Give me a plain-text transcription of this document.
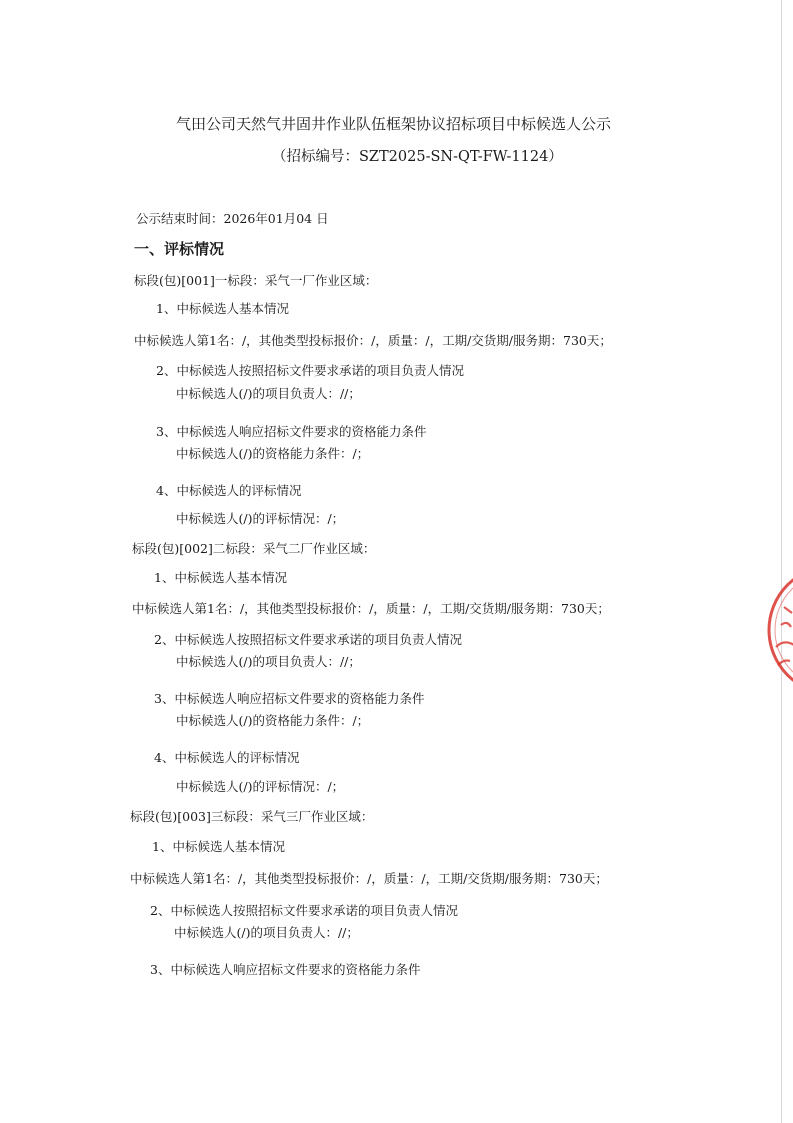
气田公司天然气井固井作业队伍框架协议招标项目中标候选人公示
（招标编号：SZT2025-SN-QT-FW-1124）
公示结束时间：2026年01月04 日
一、评标情况
标段(包)[001]一标段：采气一厂作业区域：
1、中标候选人基本情况
中标候选人第1名：/，其他类型投标报价：/，质量：/，工期/交货期/服务期：730天；
2、中标候选人按照招标文件要求承诺的项目负责人情况
中标候选人(/)的项目负责人：//；
3、中标候选人响应招标文件要求的资格能力条件
中标候选人(/)的资格能力条件：/；
4、中标候选人的评标情况
中标候选人(/)的评标情况：/；
标段(包)[002]二标段：采气二厂作业区域：
1、中标候选人基本情况
中标候选人第1名：/，其他类型投标报价：/，质量：/，工期/交货期/服务期：730天；
2、中标候选人按照招标文件要求承诺的项目负责人情况
中标候选人(/)的项目负责人：//；
3、中标候选人响应招标文件要求的资格能力条件
中标候选人(/)的资格能力条件：/；
4、中标候选人的评标情况
中标候选人(/)的评标情况：/；
标段(包)[003]三标段：采气三厂作业区域：
1、中标候选人基本情况
中标候选人第1名：/，其他类型投标报价：/，质量：/，工期/交货期/服务期：730天；
2、中标候选人按照招标文件要求承诺的项目负责人情况
中标候选人(/)的项目负责人：//；
3、中标候选人响应招标文件要求的资格能力条件
